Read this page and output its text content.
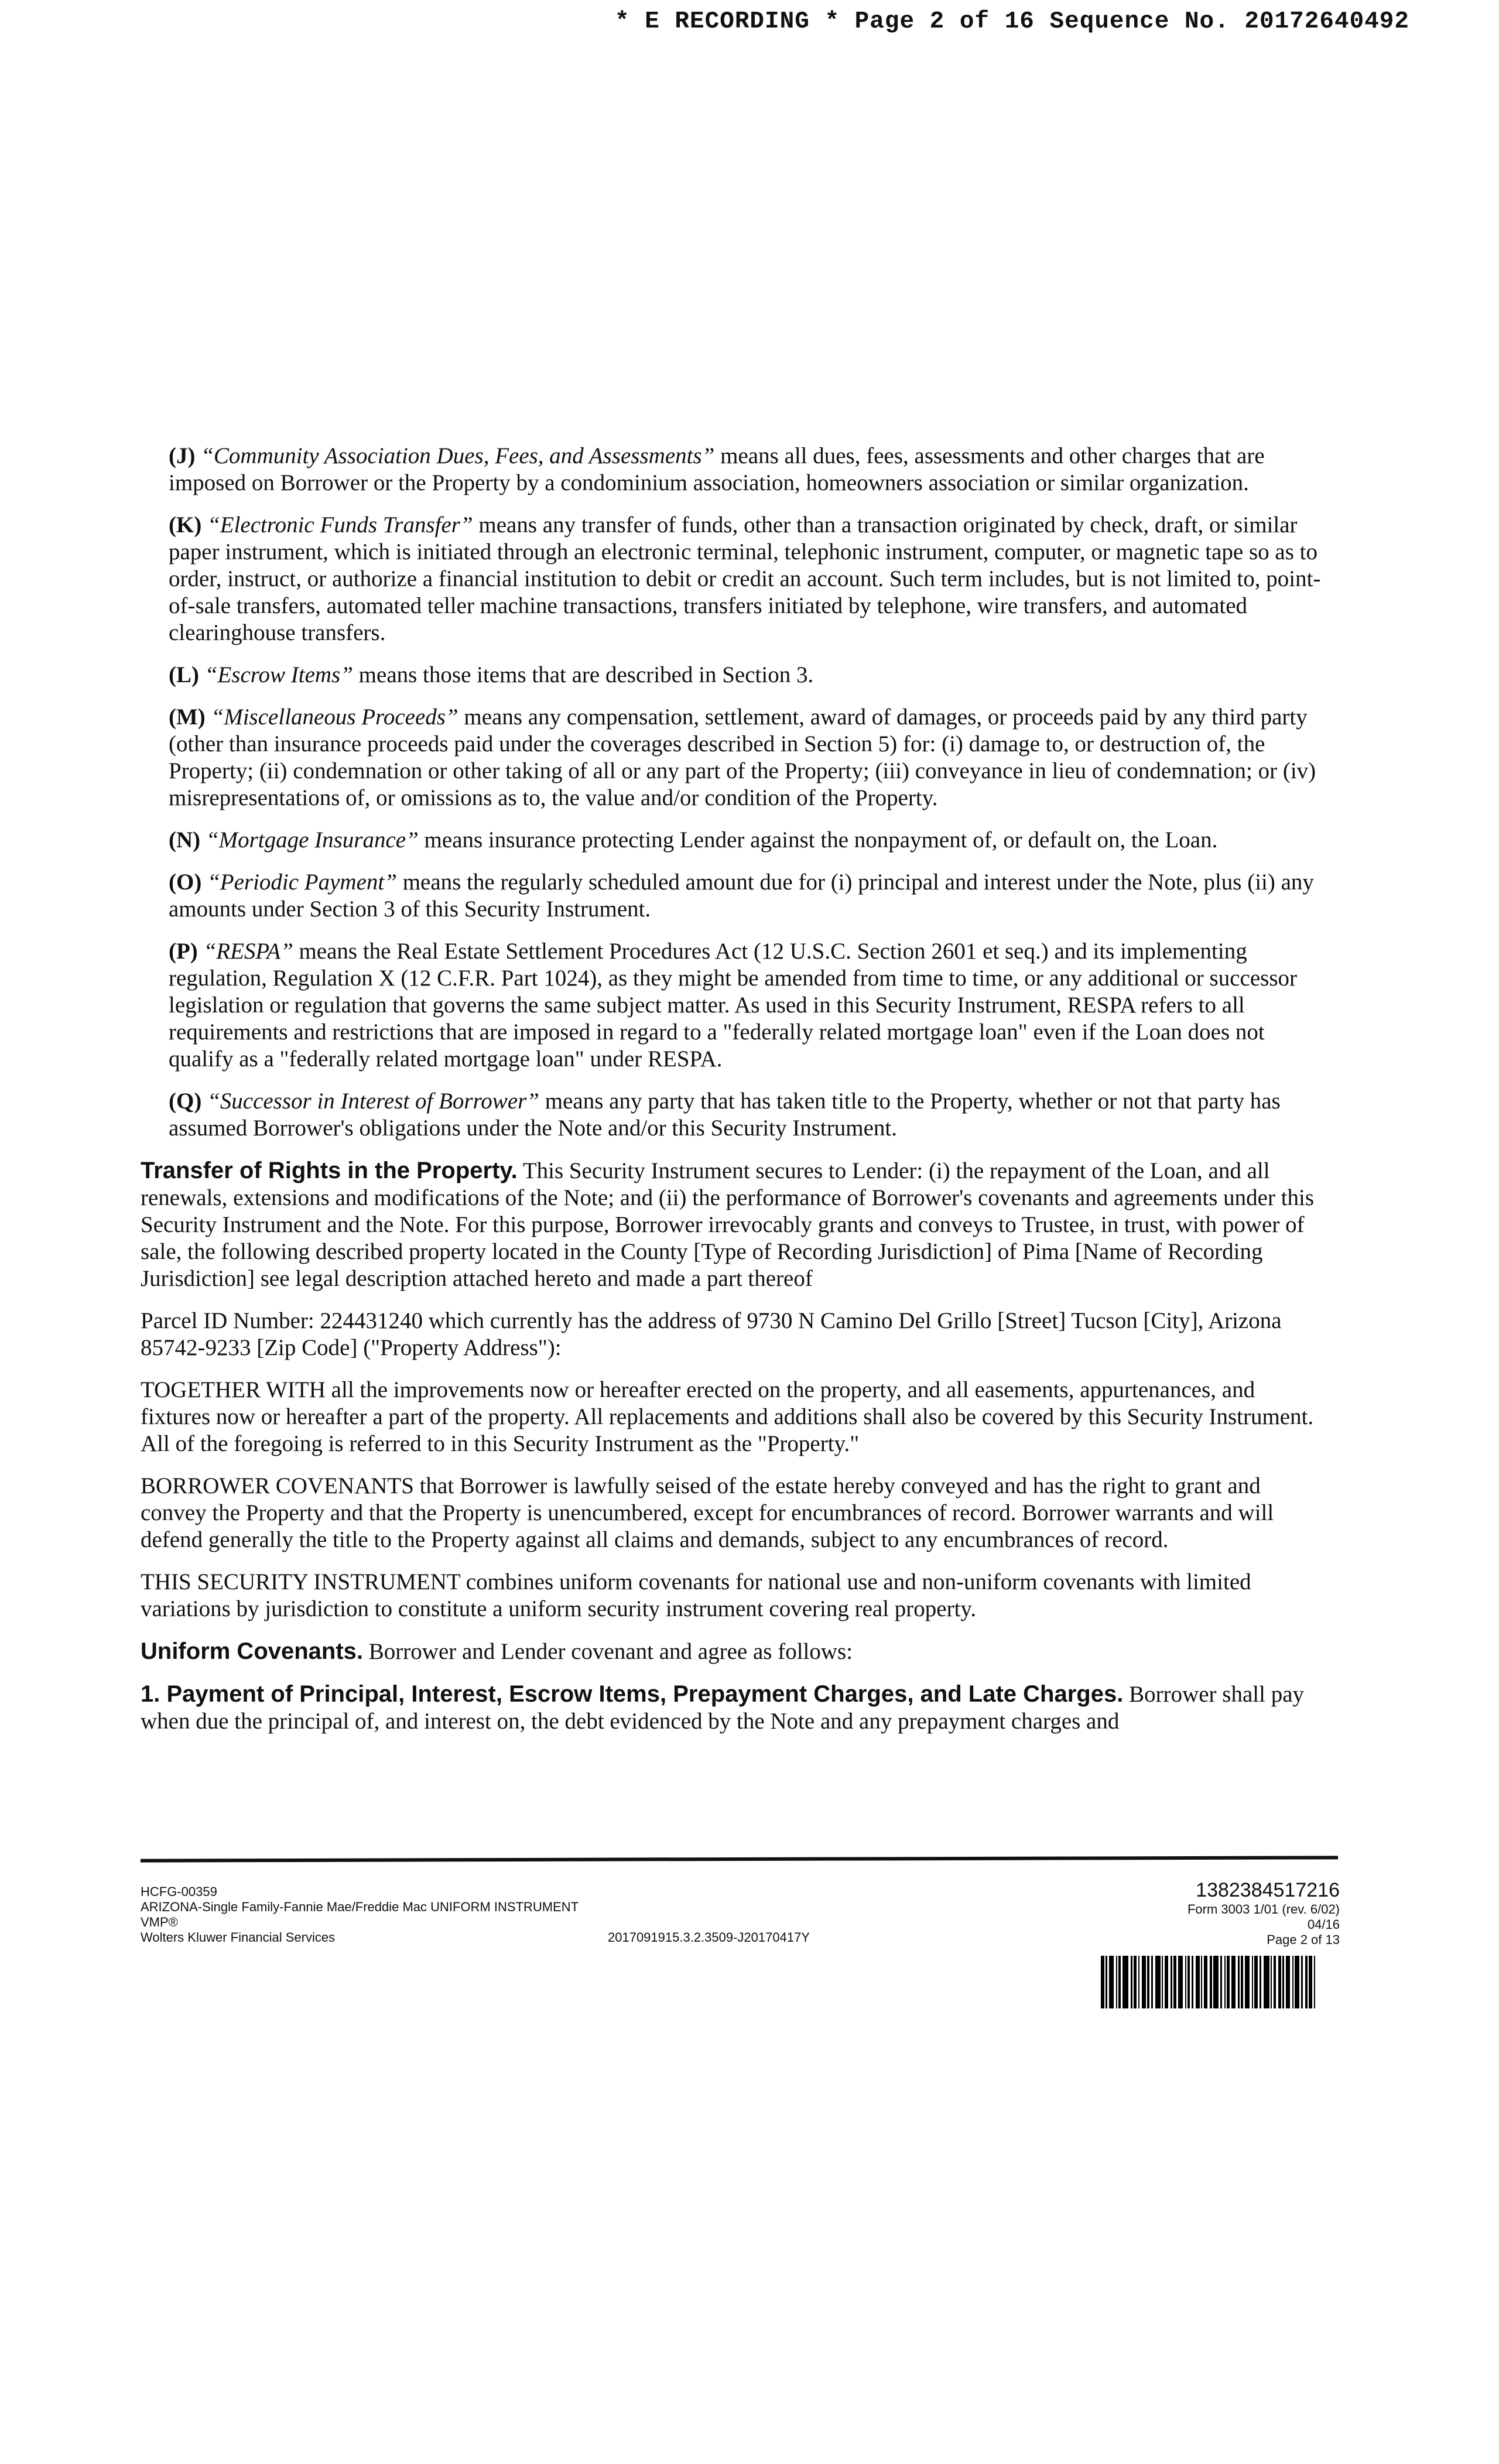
* E RECORDING * Page 2 of 16 Sequence No. 20172640492

(J) “Community Association Dues, Fees, and Assessments” means all dues, fees, assessments and other charges that are imposed on Borrower or the Property by a condominium association, homeowners association or similar organization.

(K) “Electronic Funds Transfer” means any transfer of funds, other than a transaction originated by check, draft, or similar paper instrument, which is initiated through an electronic terminal, telephonic instrument, computer, or magnetic tape so as to order, instruct, or authorize a financial institution to debit or credit an account. Such term includes, but is not limited to, point-of-sale transfers, automated teller machine transactions, transfers initiated by telephone, wire transfers, and automated clearinghouse transfers.

(L) “Escrow Items” means those items that are described in Section 3.

(M) “Miscellaneous Proceeds” means any compensation, settlement, award of damages, or proceeds paid by any third party (other than insurance proceeds paid under the coverages described in Section 5) for: (i) damage to, or destruction of, the Property; (ii) condemnation or other taking of all or any part of the Property; (iii) conveyance in lieu of condemnation; or (iv) misrepresentations of, or omissions as to, the value and/or condition of the Property.

(N) “Mortgage Insurance” means insurance protecting Lender against the nonpayment of, or default on, the Loan.

(O) “Periodic Payment” means the regularly scheduled amount due for (i) principal and interest under the Note, plus (ii) any amounts under Section 3 of this Security Instrument.

(P) “RESPA” means the Real Estate Settlement Procedures Act (12 U.S.C. Section 2601 et seq.) and its implementing regulation, Regulation X (12 C.F.R. Part 1024), as they might be amended from time to time, or any additional or successor legislation or regulation that governs the same subject matter. As used in this Security Instrument, RESPA refers to all requirements and restrictions that are imposed in regard to a "federally related mortgage loan" even if the Loan does not qualify as a "federally related mortgage loan" under RESPA.

(Q) “Successor in Interest of Borrower” means any party that has taken title to the Property, whether or not that party has assumed Borrower's obligations under the Note and/or this Security Instrument.

Transfer of Rights in the Property. This Security Instrument secures to Lender: (i) the repayment of the Loan, and all renewals, extensions and modifications of the Note; and (ii) the performance of Borrower's covenants and agreements under this Security Instrument and the Note. For this purpose, Borrower irrevocably grants and conveys to Trustee, in trust, with power of sale, the following described property located in the County [Type of Recording Jurisdiction] of Pima [Name of Recording Jurisdiction] see legal description attached hereto and made a part thereof

Parcel ID Number: 224431240 which currently has the address of 9730 N Camino Del Grillo [Street] Tucson [City], Arizona 85742-9233 [Zip Code] ("Property Address"):

TOGETHER WITH all the improvements now or hereafter erected on the property, and all easements, appurtenances, and fixtures now or hereafter a part of the property. All replacements and additions shall also be covered by this Security Instrument. All of the foregoing is referred to in this Security Instrument as the "Property."

BORROWER COVENANTS that Borrower is lawfully seised of the estate hereby conveyed and has the right to grant and convey the Property and that the Property is unencumbered, except for encumbrances of record. Borrower warrants and will defend generally the title to the Property against all claims and demands, subject to any encumbrances of record.

THIS SECURITY INSTRUMENT combines uniform covenants for national use and non-uniform covenants with limited variations by jurisdiction to constitute a uniform security instrument covering real property.

Uniform Covenants. Borrower and Lender covenant and agree as follows:

1. Payment of Principal, Interest, Escrow Items, Prepayment Charges, and Late Charges. Borrower shall pay when due the principal of, and interest on, the debt evidenced by the Note and any prepayment charges and

HCFG-00359
ARIZONA-Single Family-Fannie Mae/Freddie Mac UNIFORM INSTRUMENT
VMP®
Wolters Kluwer Financial Services	2017091915.3.2.3509-J20170417Y
1382384517216
Form 3003 1/01 (rev. 6/02)
04/16
Page 2 of 13
